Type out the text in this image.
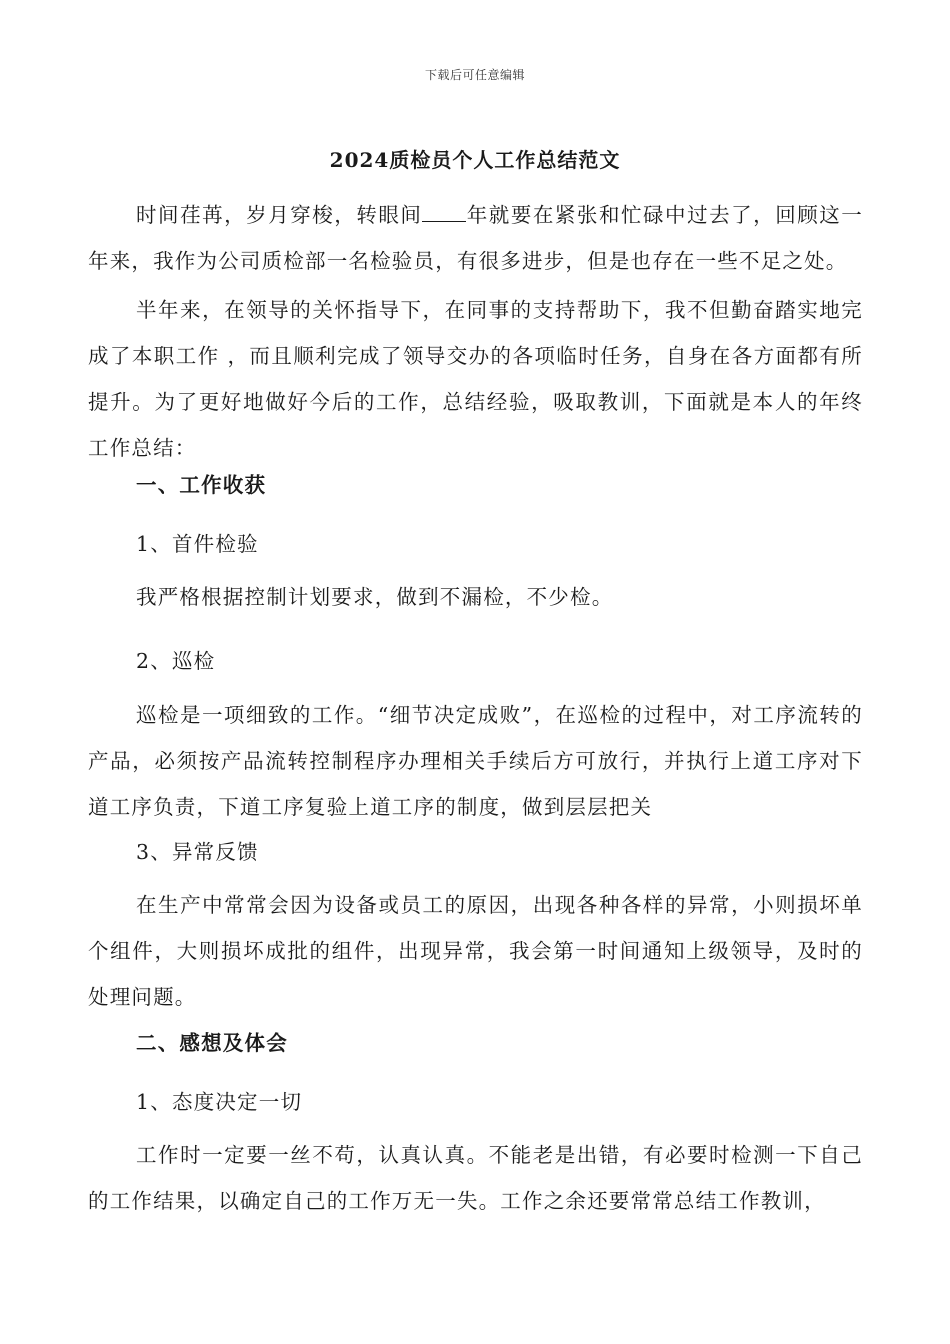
下载后可任意编辑
2024质检员个人工作总结范文

时间荏苒，岁月穿梭，转眼间 年就要在紧张和忙碌中过去了，回顾这一年来，我作为公司质检部一名检验员，有很多进步，但是也存在一些不足之处。

半年来，在领导的关怀指导下，在同事的支持帮助下，我不但勤奋踏实地完成了本职工作 ，而且顺利完成了领导交办的各项临时任务，自身在各方面都有所提升。为了更好地做好今后的工作，总结经验，吸取教训，下面就是本人的年终工作总结：

一、工作收获

1、首件检验

我严格根据控制计划要求，做到不漏检，不少检。

2、巡检

巡检是一项细致的工作。“细节决定成败”，在巡检的过程中，对工序流转的产品，必须按产品流转控制程序办理相关手续后方可放行，并执行上道工序对下道工序负责，下道工序复验上道工序的制度，做到层层把关

3、异常反馈

在生产中常常会因为设备或员工的原因，出现各种各样的异常，小则损坏单个组件，大则损坏成批的组件，出现异常，我会第一时间通知上级领导，及时的处理问题。

二、感想及体会

1、态度决定一切

工作时一定要一丝不苟，认真认真。不能老是出错，有必要时检测一下自己的工作结果，以确定自己的工作万无一失。工作之余还要常常总结工作教训，
